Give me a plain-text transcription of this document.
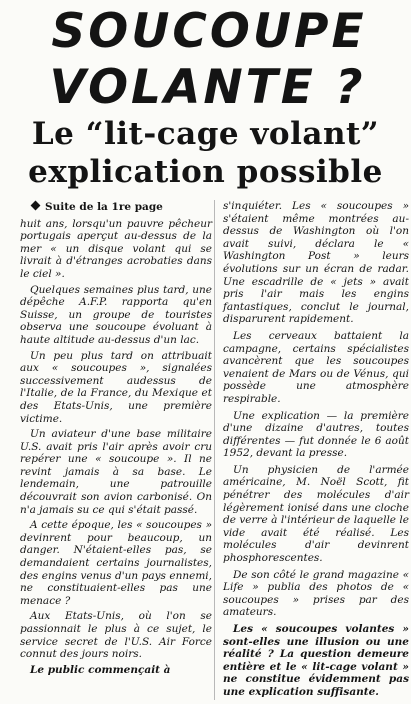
SOUCOUPE
VOLANTE ?
Le “lit-cage volant”
explication possible
Suite de la 1re page

huit ans, lorsqu'un pauvre pêcheur portugais aperçut au-dessus de la mer « un disque volant qui se livrait à d'étranges acrobaties dans le ciel ».

Quelques semaines plus tard, une dépêche A.F.P. rapporta qu'en Suisse, un groupe de touristes observa une soucoupe évoluant à haute altitude au-dessus d'un lac.

Un peu plus tard on attribuait aux « soucoupes », signalées successivement audessus de l'Italie, de la France, du Mexique et des Etats-Unis, une première victime.

Un aviateur d'une base militaire U.S. avait pris l'air après avoir cru repérer une « soucoupe ». Il ne revint jamais à sa base. Le lendemain, une patrouille découvrait son avion carbonisé. On n'a jamais su ce qui s'était passé.

A cette époque, les « soucoupes » devinrent pour beaucoup, un danger. N'étaient-elles pas, se demandaient certains journalistes, des engins venus d'un pays ennemi, ne constituaient-elles pas une menace ?

Aux Etats-Unis, où l'on se passionnait le plus à ce sujet, le service secret de l'U.S. Air Force connut des jours noirs.

Le public commençait à

s'inquiéter. Les « soucoupes » s'étaient même montrées au-dessus de Washington où l'on avait suivi, déclara le « Washington Post » leurs évolutions sur un écran de radar. Une escadrille de « jets » avait pris l'air mais les engins fantastiques, conclut le journal, disparurent rapidement.

Les cerveaux battaient la campagne, certains spécialistes avancèrent que les soucoupes venaient de Mars ou de Vénus, qui possède une atmosphère respirable.

Une explication — la première d'une dizaine d'autres, toutes différentes — fut donnée le 6 août 1952, devant la presse.

Un physicien de l'armée américaine, M. Noël Scott, fit pénétrer des molécules d'air légèrement ionisé dans une cloche de verre à l'intérieur de laquelle le vide avait été réalisé. Les molécules d'air devinrent phosphorescentes.

De son côté le grand magazine « Life » publia des photos de « soucoupes » prises par des amateurs.

Les « soucoupes volantes » sont-elles une illusion ou une réalité ? La question demeure entière et le « lit-cage volant » ne constitue évidemment pas une explication suffisante.
